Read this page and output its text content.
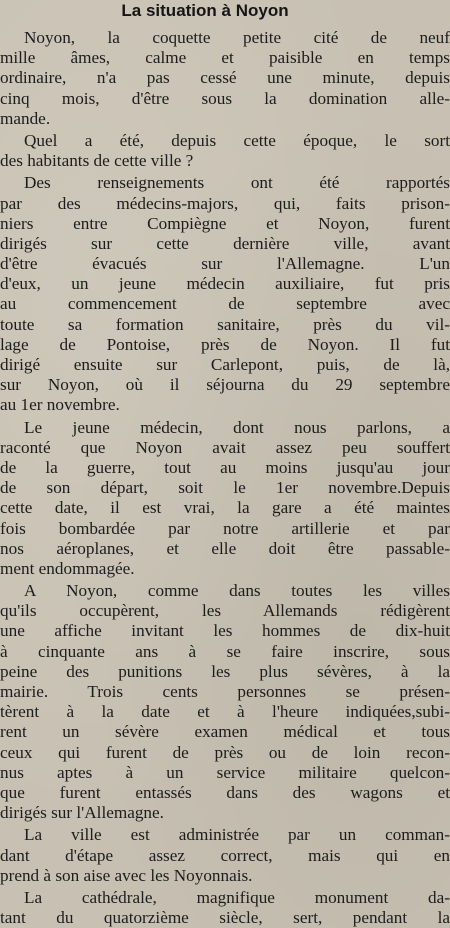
La situation à Noyon
Noyon, la coquette petite cité de neuf
mille âmes, calme et paisible en temps
ordinaire, n'a pas cessé une minute, depuis
cinq mois, d'être sous la domination alle-
mande.
Quel a été, depuis cette époque, le sort
des habitants de cette ville ?
Des renseignements ont été rapportés
par des médecins-majors, qui, faits prison-
niers entre Compiègne et Noyon, furent
dirigés sur cette dernière ville, avant
d'être évacués sur l'Allemagne. L'un
d'eux, un jeune médecin auxiliaire, fut pris
au commencement de septembre avec
toute sa formation sanitaire, près du vil-
lage de Pontoise, près de Noyon. Il fut
dirigé ensuite sur Carlepont, puis, de là,
sur Noyon, où il séjourna du 29 septembre
au 1er novembre.
Le jeune médecin, dont nous parlons, a
raconté que Noyon avait assez peu souffert
de la guerre, tout au moins jusqu'au jour
de son départ, soit le 1er novembre.Depuis
cette date, il est vrai, la gare a été maintes
fois bombardée par notre artillerie et par
nos aéroplanes, et elle doit être passable-
ment endommagée.
A Noyon, comme dans toutes les villes
qu'ils occupèrent, les Allemands rédigèrent
une affiche invitant les hommes de dix-huit
à cinquante ans à se faire inscrire, sous
peine des punitions les plus sévères, à la
mairie. Trois cents personnes se présen-
tèrent à la date et à l'heure indiquées,subi-
rent un sévère examen médical et tous
ceux qui furent de près ou de loin recon-
nus aptes à un service militaire quelcon-
que furent entassés dans des wagons et
dirigés sur l'Allemagne.
La ville est administrée par un comman-
dant d'étape assez correct, mais qui en
prend à son aise avec les Noyonnais.
La cathédrale, magnifique monument da-
tant du quatorzième siècle, sert, pendant la
